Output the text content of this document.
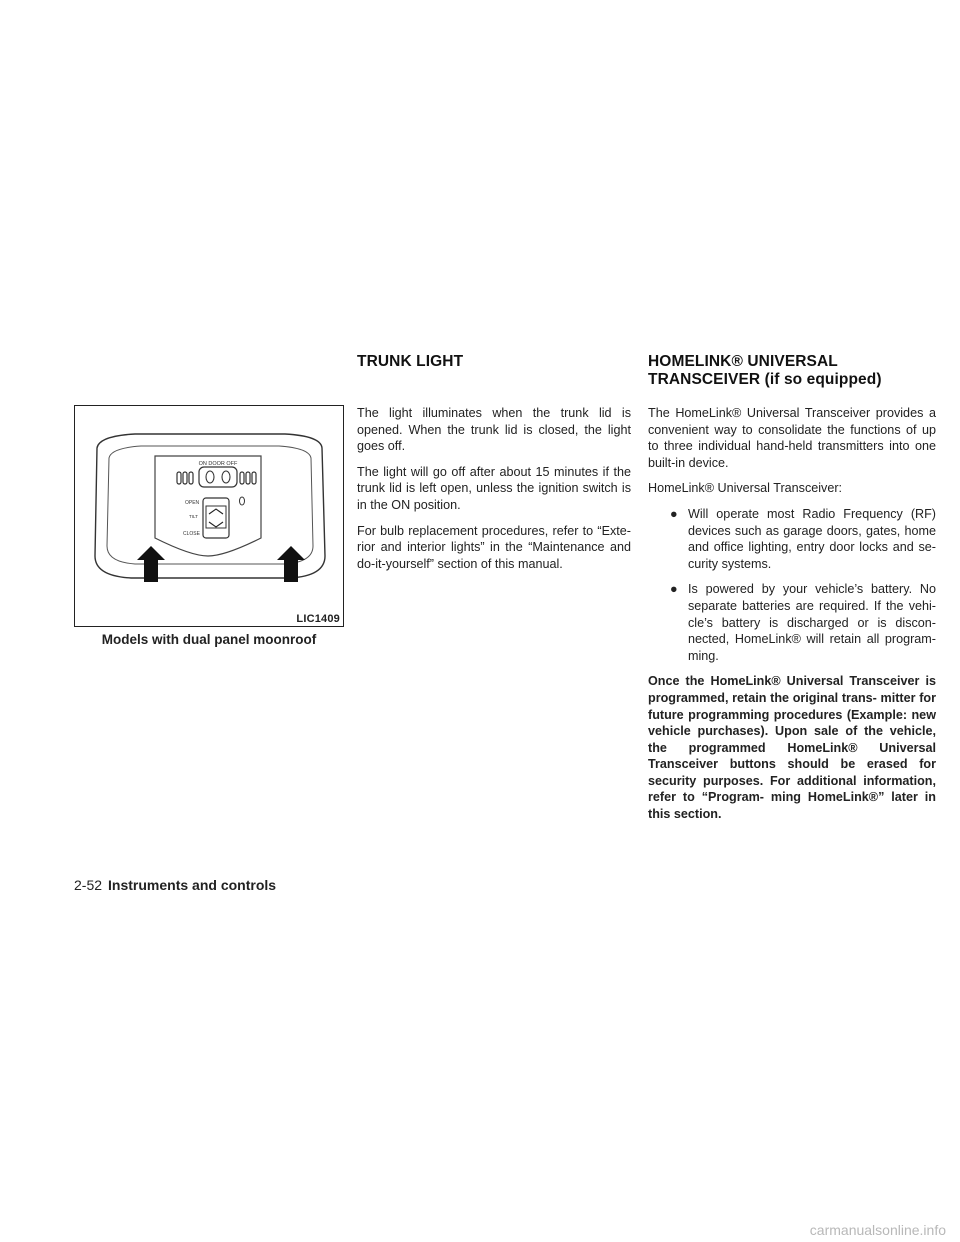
ON DOOR OFF
OPEN
TILT
CLOSE
LIC1409
Models with dual panel moonroof
TRUNK LIGHT

The light illuminates when the trunk lid is opened. When the trunk lid is closed, the light goes off.

The light will go off after about 15 minutes if the trunk lid is left open, unless the ignition switch is in the ON position.

For bulb replacement procedures, refer to “Exte- rior and interior lights” in the “Maintenance and do-it-yourself” section of this manual.

HOMELINK® UNIVERSAL
TRANSCEIVER (if so equipped)

The HomeLink® Universal Transceiver provides a convenient way to consolidate the functions of up to three individual hand-held transmitters into one built-in device.

HomeLink® Universal Transceiver:

● Will operate most Radio Frequency (RF) devices such as garage doors, gates, home and office lighting, entry door locks and se- curity systems.
● Is powered by your vehicle’s battery. No separate batteries are required. If the vehi- cle’s battery is discharged or is discon- nected, HomeLink® will retain all program- ming.

Once the HomeLink® Universal Transceiver is programmed, retain the original trans- mitter for future programming procedures (Example: new vehicle purchases). Upon sale of the vehicle, the programmed HomeLink® Universal Transceiver buttons should be erased for security purposes. For additional information, refer to “Program- ming HomeLink®” later in this section.

2-52 Instruments and controls
carmanualsonline.info
